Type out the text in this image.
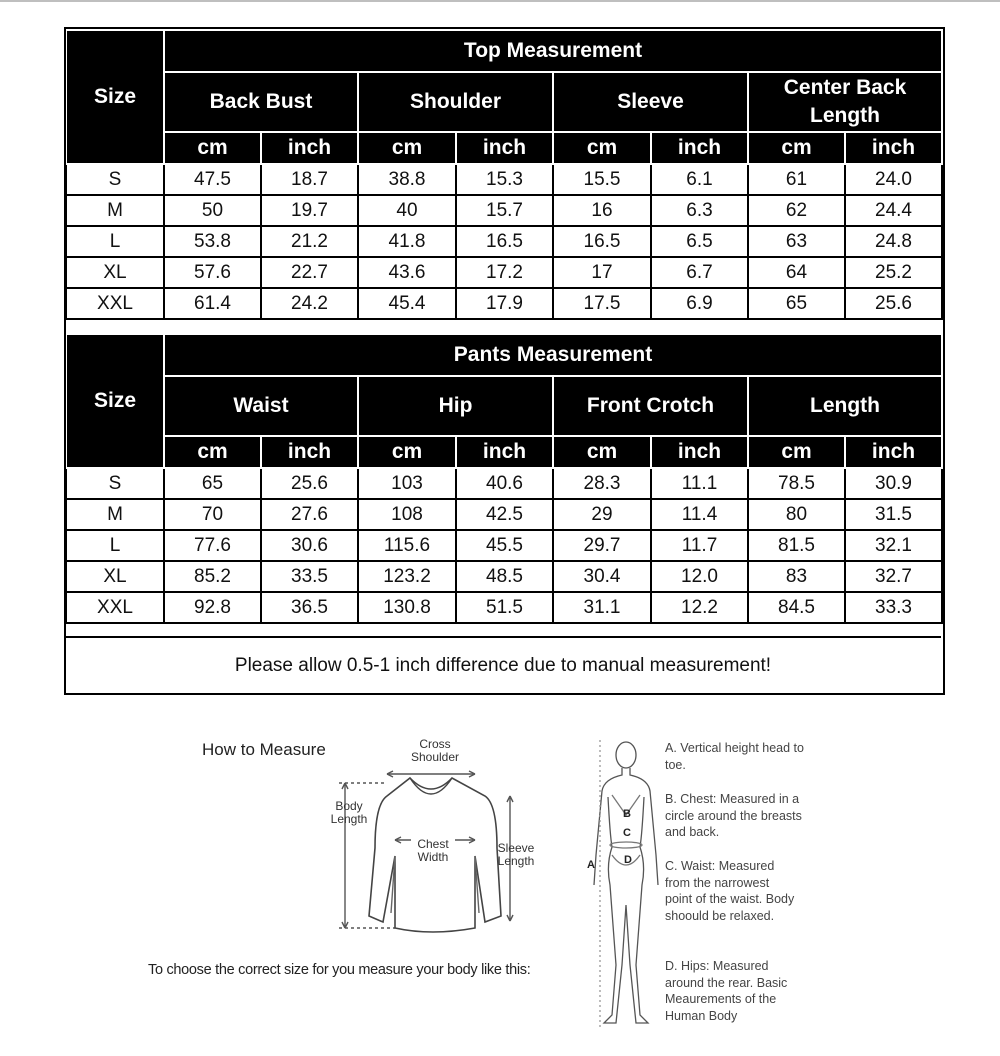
Size	Top Measurement							
	Back Bust		Shoulder		Sleeve		Center Back Length	
	cm	inch	cm	inch	cm	inch	cm	inch
S	47.5	18.7	38.8	15.3	15.5	6.1	61	24.0
M	50	19.7	40	15.7	16	6.3	62	24.4
L	53.8	21.2	41.8	16.5	16.5	6.5	63	24.8
XL	57.6	22.7	43.6	17.2	17	6.7	64	25.2
XXL	61.4	24.2	45.4	17.9	17.5	6.9	65	25.6
Size	Pants Measurement							
	Waist		Hip		Front Crotch		Length	
	cm	inch	cm	inch	cm	inch	cm	inch
S	65	25.6	103	40.6	28.3	11.1	78.5	30.9
M	70	27.6	108	42.5	29	11.4	80	31.5
L	77.6	30.6	115.6	45.5	29.7	11.7	81.5	32.1
XL	85.2	33.5	123.2	48.5	30.4	12.0	83	32.7
XXL	92.8	36.5	130.8	51.5	31.1	12.2	84.5	33.3
Please allow 0.5-1 inch difference due to manual measurement!
How to Measure	Cross Shoulder
Body Length
Chest Width
Sleeve Length
To choose the correct size for you measure your body like this:
B
C
D
A
A. Vertical height head to toe.
B. Chest: Measured in a circle around the breasts and back.
C. Waist: Measured from the narrowest point of the waist. Body shoould be relaxed.
D. Hips: Measured around the rear. Basic Meaurements of the Human Body
